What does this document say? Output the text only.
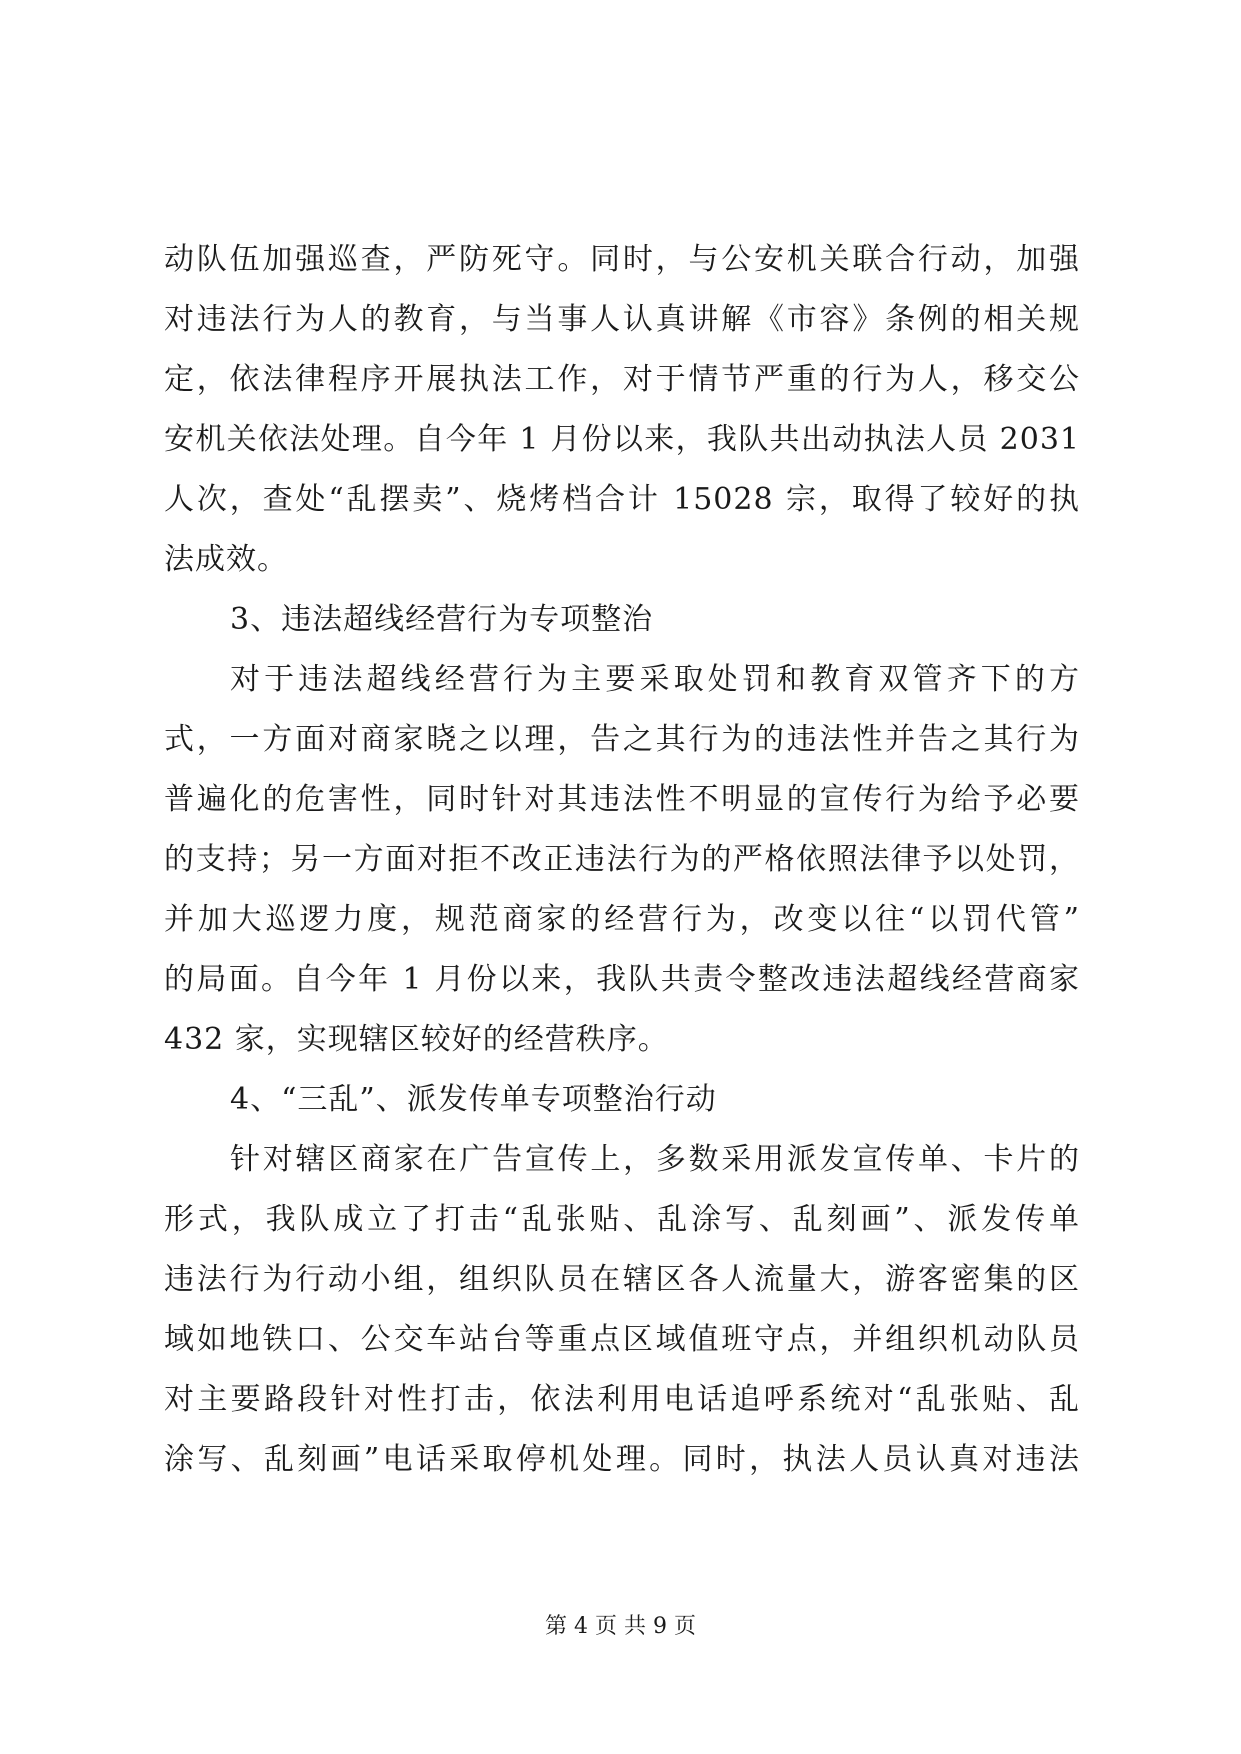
动队伍加强巡查，严防死守。同时，与公安机关联合行动，加强
对违法行为人的教育，与当事人认真讲解《市容》条例的相关规
定，依法律程序开展执法工作，对于情节严重的行为人，移交公
安机关依法处理。自今年 1 月份以来，我队共出动执法人员 2031
人次，查处“乱摆卖”、烧烤档合计 15028 宗，取得了较好的执
法成效。
3、违法超线经营行为专项整治
对于违法超线经营行为主要采取处罚和教育双管齐下的方
式，一方面对商家晓之以理，告之其行为的违法性并告之其行为
普遍化的危害性，同时针对其违法性不明显的宣传行为给予必要
的支持；另一方面对拒不改正违法行为的严格依照法律予以处罚，
并加大巡逻力度，规范商家的经营行为，改变以往“以罚代管”
的局面。自今年 1 月份以来，我队共责令整改违法超线经营商家
432 家，实现辖区较好的经营秩序。
4、“三乱”、派发传单专项整治行动
针对辖区商家在广告宣传上，多数采用派发宣传单、卡片的
形式，我队成立了打击“乱张贴、乱涂写、乱刻画”、派发传单
违法行为行动小组，组织队员在辖区各人流量大，游客密集的区
域如地铁口、公交车站台等重点区域值班守点，并组织机动队员
对主要路段针对性打击，依法利用电话追呼系统对“乱张贴、乱
涂写、乱刻画”电话采取停机处理。同时，执法人员认真对违法
第 4 页 共 9 页
